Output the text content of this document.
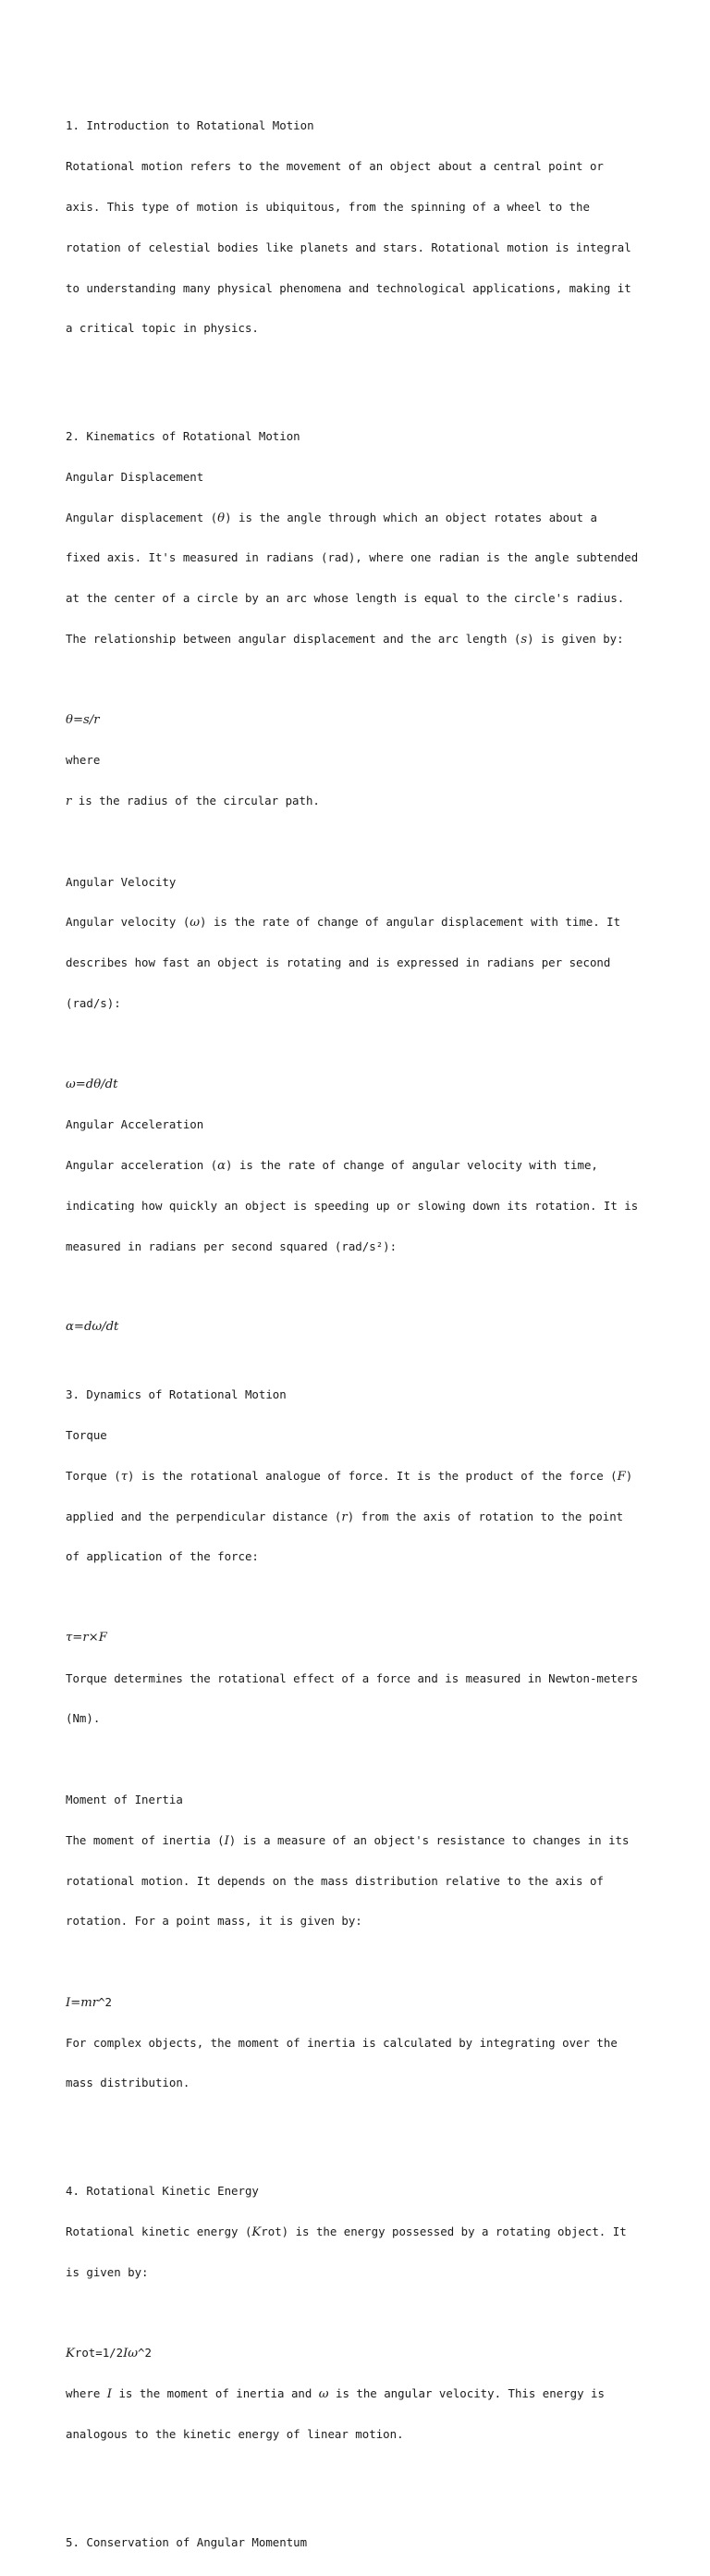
1. Introduction to Rotational Motion

Rotational motion refers to the movement of an object about a central point or

axis. This type of motion is ubiquitous, from the spinning of a wheel to the

rotation of celestial bodies like planets and stars. Rotational motion is integral

to understanding many physical phenomena and technological applications, making it

a critical topic in physics.

2. Kinematics of Rotational Motion

Angular Displacement

Angular displacement (θ) is the angle through which an object rotates about a

fixed axis. It's measured in radians (rad), where one radian is the angle subtended

at the center of a circle by an arc whose length is equal to the circle's radius.

The relationship between angular displacement and the arc length (s) is given by:

θ=s/r

where

r is the radius of the circular path.

Angular Velocity

Angular velocity (ω) is the rate of change of angular displacement with time. It

describes how fast an object is rotating and is expressed in radians per second

(rad/s):

ω=dθ/dt

Angular Acceleration

Angular acceleration (α) is the rate of change of angular velocity with time,

indicating how quickly an object is speeding up or slowing down its rotation. It is

measured in radians per second squared (rad/s²):

α=dω/dt

3. Dynamics of Rotational Motion

Torque

Torque (τ) is the rotational analogue of force. It is the product of the force (F)

applied and the perpendicular distance (r) from the axis of rotation to the point

of application of the force:

τ=r×F

Torque determines the rotational effect of a force and is measured in Newton-meters

(Nm).

Moment of Inertia

The moment of inertia (I) is a measure of an object's resistance to changes in its

rotational motion. It depends on the mass distribution relative to the axis of

rotation. For a point mass, it is given by:

I=mr^2

For complex objects, the moment of inertia is calculated by integrating over the

mass distribution.

4. Rotational Kinetic Energy

Rotational kinetic energy (Krot) is the energy possessed by a rotating object. It

is given by:

Krot=1/2Iω^2

where I is the moment of inertia and ω is the angular velocity. This energy is

analogous to the kinetic energy of linear motion.

5. Conservation of Angular Momentum
